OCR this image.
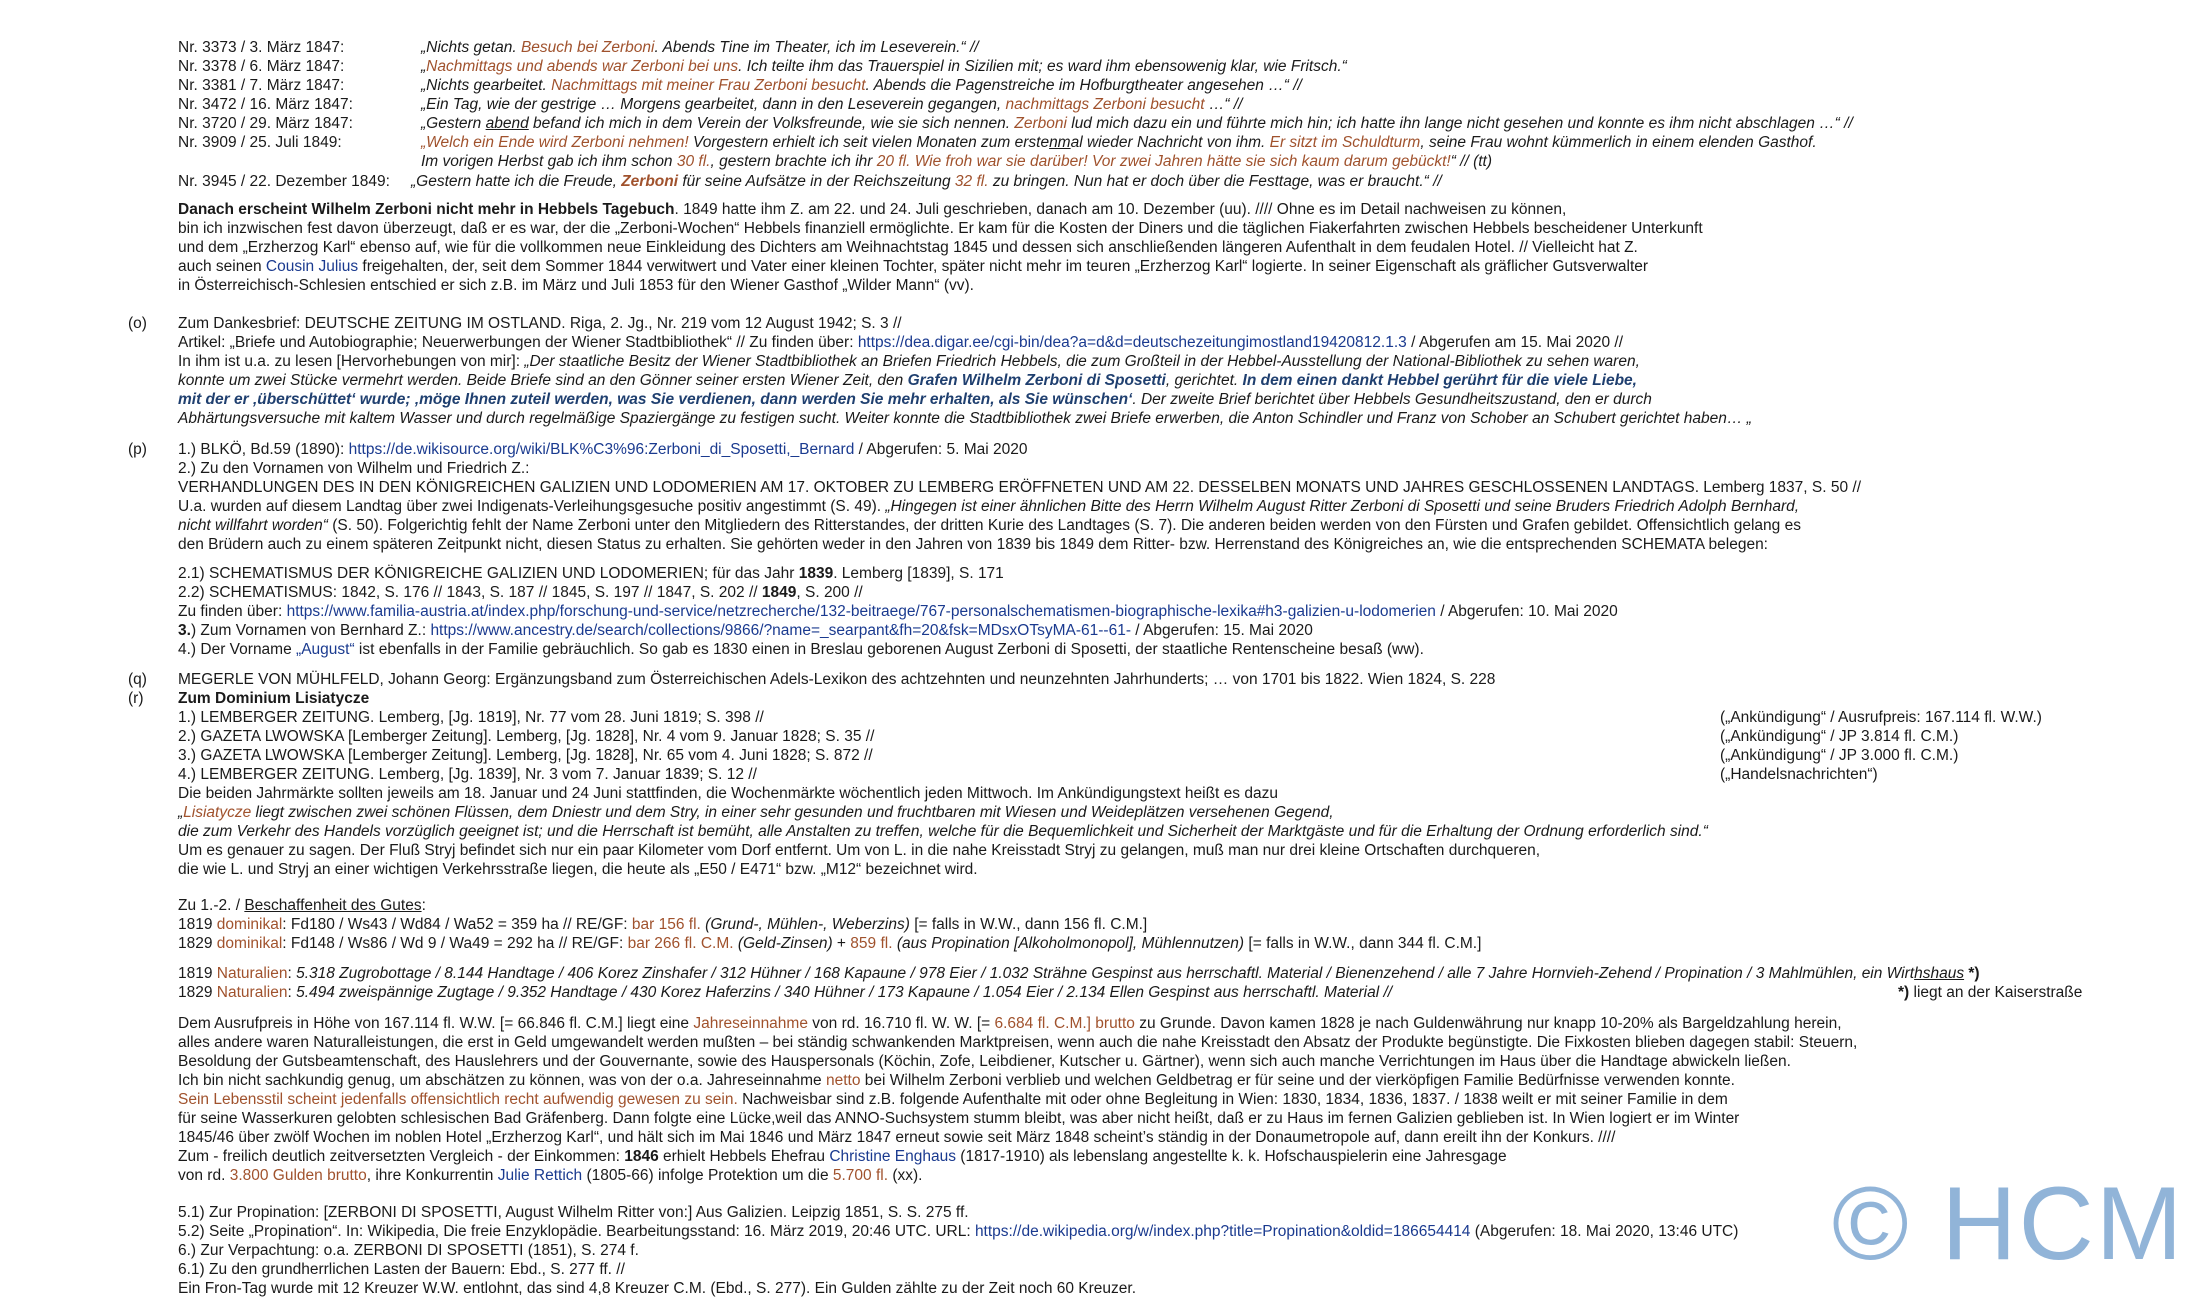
Nr. 3373 / 3. März 1847:	„Nichts getan. Besuch bei Zerboni. Abends Tine im Theater, ich im Leseverein.“ //
Nr. 3378 / 6. März 1847:	„Nachmittags und abends war Zerboni bei uns. Ich teilte ihm das Trauerspiel in Sizilien mit; es ward ihm ebensowenig klar, wie Fritsch.“
Nr. 3381 / 7. März 1847:	„Nichts gearbeitet. Nachmittags mit meiner Frau Zerboni besucht. Abends die Pagenstreiche im Hofburgtheater angesehen …“ //
Nr. 3472 / 16. März 1847:	„Ein Tag, wie der gestrige … Morgens gearbeitet, dann in den Leseverein gegangen, nachmittags Zerboni besucht …“ //
Nr. 3720 / 29. März 1847:	„Gestern abend befand ich mich in dem Verein der Volksfreunde, wie sie sich nennen. Zerboni lud mich dazu ein und führte mich hin; ich hatte ihn lange nicht gesehen und konnte es ihm nicht abschlagen …“ //
Nr. 3909 / 25. Juli 1849:	„Welch ein Ende wird Zerboni nehmen! Vorgestern erhielt ich seit vielen Monaten zum erstenmal wieder Nachricht von ihm. Er sitzt im Schuldturm, seine Frau wohnt kümmerlich in einem elenden Gasthof.
Im vorigen Herbst gab ich ihm schon 30 fl., gestern brachte ich ihr 20 fl. Wie froh war sie darüber! Vor zwei Jahren hätte sie sich kaum darum gebückt!“ // (tt)
Nr. 3945 / 22. Dezember 1849: „Gestern hatte ich die Freude, Zerboni für seine Aufsätze in der Reichszeitung 32 fl. zu bringen. Nun hat er doch über die Festtage, was er braucht.“ //
Danach erscheint Wilhelm Zerboni nicht mehr in Hebbels Tagebuch. 1849 hatte ihm Z. am 22. und 24. Juli geschrieben, danach am 10. Dezember (uu). //// Ohne es im Detail nachweisen zu können,
bin ich inzwischen fest davon überzeugt, daß er es war, der die „Zerboni-Wochen“ Hebbels finanziell ermöglichte. Er kam für die Kosten der Diners und die täglichen Fiakerfahrten zwischen Hebbels bescheidener Unterkunft
und dem „Erzherzog Karl“ ebenso auf, wie für die vollkommen neue Einkleidung des Dichters am Weihnachtstag 1845 und dessen sich anschließenden längeren Aufenthalt in dem feudalen Hotel. // Vielleicht hat Z.
auch seinen Cousin Julius freigehalten, der, seit dem Sommer 1844 verwitwert und Vater einer kleinen Tochter, später nicht mehr im teuren „Erzherzog Karl“ logierte. In seiner Eigenschaft als gräflicher Gutsverwalter
in Österreichisch-Schlesien entschied er sich z.B. im März und Juli 1853 für den Wiener Gasthof „Wilder Mann“ (vv).
(o) Zum Dankesbrief: DEUTSCHE ZEITUNG IM OSTLAND. Riga, 2. Jg., Nr. 219 vom 12 August 1942; S. 3 //
Artikel: „Briefe und Autobiographie; Neuerwerbungen der Wiener Stadtbibliothek“ // Zu finden über: https://dea.digar.ee/cgi-bin/dea?a=d&d=deutschezeitungimostland19420812.1.3 / Abgerufen am 15. Mai 2020 //
In ihm ist u.a. zu lesen [Hervorhebungen von mir]: „Der staatliche Besitz der Wiener Stadtbibliothek an Briefen Friedrich Hebbels, die zum Großteil in der Hebbel-Ausstellung der National-Bibliothek zu sehen waren,
konnte um zwei Stücke vermehrt werden. Beide Briefe sind an den Gönner seiner ersten Wiener Zeit, den Grafen Wilhelm Zerboni di Sposetti, gerichtet. In dem einen dankt Hebbel gerührt für die viele Liebe,
mit der er ‚überschüttet‘ wurde; ‚möge Ihnen zuteil werden, was Sie verdienen, dann werden Sie mehr erhalten, als Sie wünschen‘. Der zweite Brief berichtet über Hebbels Gesundheitszustand, den er durch
Abhärtungsversuche mit kaltem Wasser und durch regelmäßige Spaziergänge zu festigen sucht. Weiter konnte die Stadtbibliothek zwei Briefe erwerben, die Anton Schindler und Franz von Schober an Schubert gerichtet haben… „
(p) 1.) BLKÖ, Bd.59 (1890): https://de.wikisource.org/wiki/BLK%C3%96:Zerboni_di_Sposetti,_Bernard / Abgerufen: 5. Mai 2020
2.) Zu den Vornamen von Wilhelm und Friedrich Z.:
VERHANDLUNGEN DES IN DEN KÖNIGREICHEN GALIZIEN UND LODOMERIEN AM 17. OKTOBER ZU LEMBERG ERÖFFNETEN UND AM 22. DESSELBEN MONATS UND JAHRES GESCHLOSSENEN LANDTAGS. Lemberg 1837, S. 50 //
U.a. wurden auf diesem Landtag über zwei Indigenats-Verleihungsgesuche positiv angestimmt (S. 49). „Hingegen ist einer ähnlichen Bitte des Herrn Wilhelm August Ritter Zerboni di Sposetti und seine Bruders Friedrich Adolph Bernhard,
nicht willfahrt worden“ (S. 50). Folgerichtig fehlt der Name Zerboni unter den Mitgliedern des Ritterstandes, der dritten Kurie des Landtages (S. 7). Die anderen beiden werden von den Fürsten und Grafen gebildet. Offensichtlich gelang es
den Brüdern auch zu einem späteren Zeitpunkt nicht, diesen Status zu erhalten. Sie gehörten weder in den Jahren von 1839 bis 1849 dem Ritter- bzw. Herrenstand des Königreiches an, wie die entsprechenden SCHEMATA belegen:
2.1) SCHEMATISMUS DER KÖNIGREICHE GALIZIEN UND LODOMERIEN; für das Jahr 1839. Lemberg [1839], S. 171
2.2) SCHEMATISMUS: 1842, S. 176 // 1843, S. 187 // 1845, S. 197 // 1847, S. 202 // 1849, S. 200 //
Zu finden über: https://www.familia-austria.at/index.php/forschung-und-service/netzrecherche/132-beitraege/767-personalschematismen-biographische-lexika#h3-galizien-u-lodomerien / Abgerufen: 10. Mai 2020
3.) Zum Vornamen von Bernhard Z.: https://www.ancestry.de/search/collections/9866/?name=_searpant&fh=20&fsk=MDsxOTsyMA-61--61- / Abgerufen: 15. Mai 2020
4.) Der Vorname „August“ ist ebenfalls in der Familie gebräuchlich. So gab es 1830 einen in Breslau geborenen August Zerboni di Sposetti, der staatliche Rentenscheine besaß (ww).
(q) MEGERLE VON MÜHLFELD, Johann Georg: Ergänzungsband zum Österreichischen Adels-Lexikon des achtzehnten und neunzehnten Jahrhunderts; … von 1701 bis 1822. Wien 1824, S. 228
(r) Zum Dominium Lisiatycze
1.) LEMBERGER ZEITUNG. Lemberg, [Jg. 1819], Nr. 77 vom 28. Juni 1819; S. 398 //	(„Ankündigung“ / Ausrufpreis: 167.114 fl. W.W.)
2.) GAZETA LWOWSKA [Lemberger Zeitung]. Lemberg, [Jg. 1828], Nr. 4 vom 9. Januar 1828; S. 35 //	(„Ankündigung“ / JP 3.814 fl. C.M.)
3.) GAZETA LWOWSKA [Lemberger Zeitung]. Lemberg, [Jg. 1828], Nr. 65 vom 4. Juni 1828; S. 872 //	(„Ankündigung“ / JP 3.000 fl. C.M.)
4.) LEMBERGER ZEITUNG. Lemberg, [Jg. 1839], Nr. 3 vom 7. Januar 1839; S. 12 //	(„Handelsnachrichten“)
Die beiden Jahrmärkte sollten jeweils am 18. Januar und 24 Juni stattfinden, die Wochenmärkte wöchentlich jeden Mittwoch. Im Ankündigungstext heißt es dazu
„Lisiatycze liegt zwischen zwei schönen Flüssen, dem Dniestr und dem Stry, in einer sehr gesunden und fruchtbaren mit Wiesen und Weideplätzen versehenen Gegend,
die zum Verkehr des Handels vorzüglich geeignet ist; und die Herrschaft ist bemüht, alle Anstalten zu treffen, welche für die Bequemlichkeit und Sicherheit der Marktgäste und für die Erhaltung der Ordnung erforderlich sind.“
Um es genauer zu sagen. Der Fluß Stryj befindet sich nur ein paar Kilometer vom Dorf entfernt. Um von L. in die nahe Kreisstadt Stryj zu gelangen, muß man nur drei kleine Ortschaften durchqueren,
die wie L. und Stryj an einer wichtigen Verkehrsstraße liegen, die heute als „E50 / E471“ bzw. „M12“ bezeichnet wird.
Zu 1.-2. / Beschaffenheit des Gutes:
1819 dominikal: Fd180 / Ws43 / Wd84 / Wa52 = 359 ha // RE/GF: bar 156 fl. (Grund-, Mühlen-, Weberzins) [= falls in W.W., dann 156 fl. C.M.]
1829 dominikal: Fd148 / Ws86 / Wd 9 / Wa49 = 292 ha // RE/GF: bar 266 fl. C.M. (Geld-Zinsen) + 859 fl. (aus Propination [Alkoholmonopol], Mühlennutzen) [= falls in W.W., dann 344 fl. C.M.]
1819 Naturalien: 5.318 Zugrobottage / 8.144 Handtage / 406 Korez Zinshafer / 312 Hühner / 168 Kapaune / 978 Eier / 1.032 Strähne Gespinst aus herrschaftl. Material / Bienenzehend / alle 7 Jahre Hornvieh-Zehend / Propination / 3 Mahlmühlen, ein Wirthshaus *)
1829 Naturalien: 5.494 zweispännige Zugtage / 9.352 Handtage / 430 Korez Haferzins / 340 Hühner / 173 Kapaune / 1.054 Eier / 2.134 Ellen Gespinst aus herrschaftl. Material //	*) liegt an der Kaiserstraße
Dem Ausrufpreis in Höhe von 167.114 fl. W.W. [= 66.846 fl. C.M.] liegt eine Jahreseinnahme von rd. 16.710 fl. W. W. [= 6.684 fl. C.M.] brutto zu Grunde. Davon kamen 1828 je nach Guldenwährung nur knapp 10-20% als Bargeldzahlung herein,
alles andere waren Naturalleistungen, die erst in Geld umgewandelt werden mußten – bei ständig schwankenden Marktpreisen, wenn auch die nahe Kreisstadt den Absatz der Produkte begünstigte. Die Fixkosten blieben dagegen stabil: Steuern,
Besoldung der Gutsbeamtenschaft, des Hauslehrers und der Gouvernante, sowie des Hauspersonals (Köchin, Zofe, Leibdiener, Kutscher u. Gärtner), wenn sich auch manche Verrichtungen im Haus über die Handtage abwickeln ließen.
Ich bin nicht sachkundig genug, um abschätzen zu können, was von der o.a. Jahreseinnahme netto bei Wilhelm Zerboni verblieb und welchen Geldbetrag er für seine und der vierköpfigen Familie Bedürfnisse verwenden konnte.
Sein Lebensstil scheint jedenfalls offensichtlich recht aufwendig gewesen zu sein. Nachweisbar sind z.B. folgende Aufenthalte mit oder ohne Begleitung in Wien: 1830, 1834, 1836, 1837. / 1838 weilt er mit seiner Familie in dem
für seine Wasserkuren gelobten schlesischen Bad Gräfenberg. Dann folgte eine Lücke,weil das ANNO-Suchsystem stumm bleibt, was aber nicht heißt, daß er zu Haus im fernen Galizien geblieben ist. In Wien logiert er im Winter
1845/46 über zwölf Wochen im noblen Hotel „Erzherzog Karl“, und hält sich im Mai 1846 und März 1847 erneut sowie seit März 1848 scheint’s ständig in der Donaumetropole auf, dann ereilt ihn der Konkurs. ////
Zum - freilich deutlich zeitversetzten Vergleich - der Einkommen: 1846 erhielt Hebbels Ehefrau Christine Enghaus (1817-1910) als lebenslang angestellte k. k. Hofschauspielerin eine Jahresgage
von rd. 3.800 Gulden brutto, ihre Konkurrentin Julie Rettich (1805-66) infolge Protektion um die 5.700 fl. (xx).
5.1) Zur Propination: [ZERBONI DI SPOSETTI, August Wilhelm Ritter von:] Aus Galizien. Leipzig 1851, S. S. 275 ff.
5.2) Seite „Propination“. In: Wikipedia, Die freie Enzyklopädie. Bearbeitungsstand: 16. März 2019, 20:46 UTC. URL: https://de.wikipedia.org/w/index.php?title=Propination&oldid=186654414 (Abgerufen: 18. Mai 2020, 13:46 UTC)
6.) Zur Verpachtung: o.a. ZERBONI DI SPOSETTI (1851), S. 274 f.
6.1) Zu den grundherrlichen Lasten der Bauern: Ebd., S. 277 ff. //
Ein Fron-Tag wurde mit 12 Kreuzer W.W. entlohnt, das sind 4,8 Kreuzer C.M. (Ebd., S. 277). Ein Gulden zählte zu der Zeit noch 60 Kreuzer.
© HCM
